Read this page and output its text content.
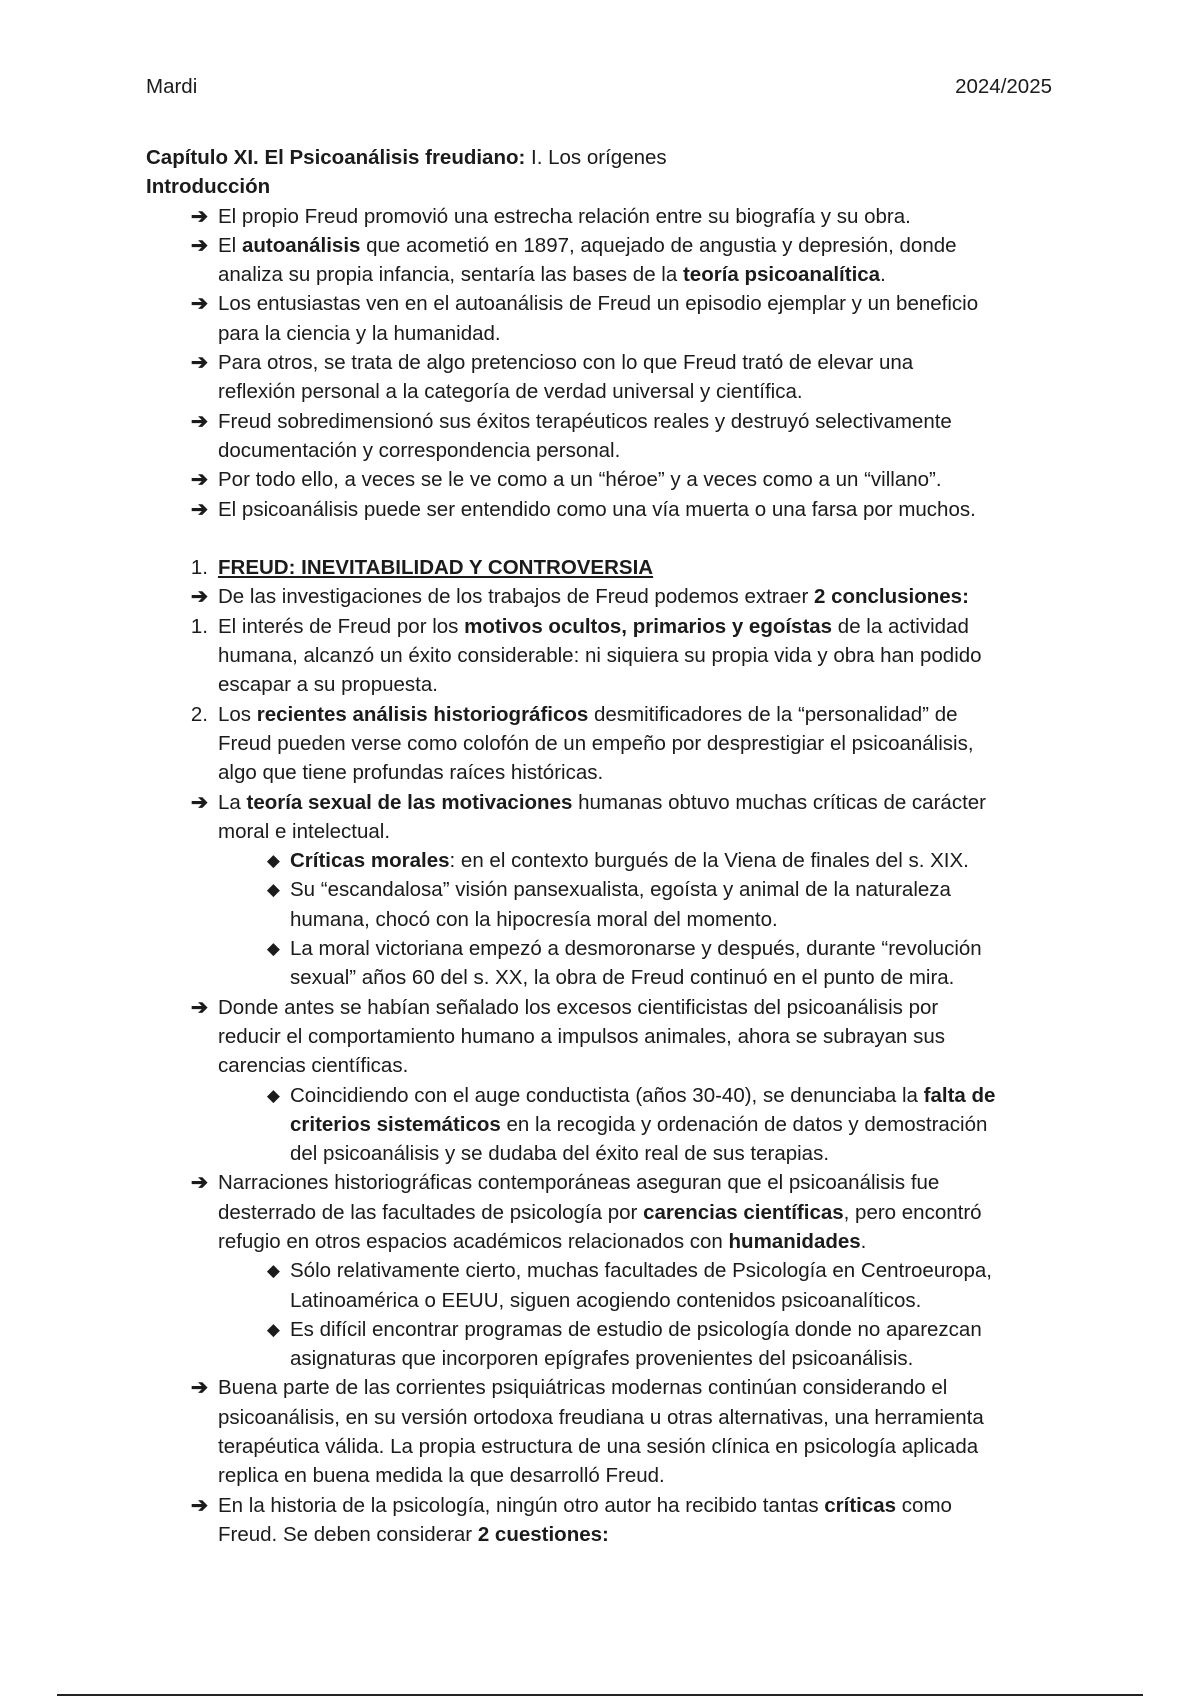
Mardi	2024/2025
Capítulo XI. El Psicoanálisis freudiano: I. Los orígenes
Introducción
➔ El propio Freud promovió una estrecha relación entre su biografía y su obra.
➔ El autoanálisis que acometió en 1897, aquejado de angustia y depresión, donde
analiza su propia infancia, sentaría las bases de la teoría psicoanalítica.
➔ Los entusiastas ven en el autoanálisis de Freud un episodio ejemplar y un beneficio
para la ciencia y la humanidad.
➔ Para otros, se trata de algo pretencioso con lo que Freud trató de elevar una
reflexión personal a la categoría de verdad universal y científica.
➔ Freud sobredimensionó sus éxitos terapéuticos reales y destruyó selectivamente
documentación y correspondencia personal.
➔ Por todo ello, a veces se le ve como a un “héroe” y a veces como a un “villano”.
➔ El psicoanálisis puede ser entendido como una vía muerta o una farsa por muchos.
1. FREUD: INEVITABILIDAD Y CONTROVERSIA
➔ De las investigaciones de los trabajos de Freud podemos extraer 2 conclusiones:
1. El interés de Freud por los motivos ocultos, primarios y egoístas de la actividad
humana, alcanzó un éxito considerable: ni siquiera su propia vida y obra han podido
escapar a su propuesta.
2. Los recientes análisis historiográficos desmitificadores de la “personalidad” de
Freud pueden verse como colofón de un empeño por desprestigiar el psicoanálisis,
algo que tiene profundas raíces históricas.
➔ La teoría sexual de las motivaciones humanas obtuvo muchas críticas de carácter
moral e intelectual.
◆ Críticas morales: en el contexto burgués de la Viena de finales del s. XIX.
◆ Su “escandalosa” visión pansexualista, egoísta y animal de la naturaleza
humana, chocó con la hipocresía moral del momento.
◆ La moral victoriana empezó a desmoronarse y después, durante “revolución
sexual” años 60 del s. XX, la obra de Freud continuó en el punto de mira.
➔ Donde antes se habían señalado los excesos cientificistas del psicoanálisis por
reducir el comportamiento humano a impulsos animales, ahora se subrayan sus
carencias científicas.
◆ Coincidiendo con el auge conductista (años 30-40), se denunciaba la falta de
criterios sistemáticos en la recogida y ordenación de datos y demostración
del psicoanálisis y se dudaba del éxito real de sus terapias.
➔ Narraciones historiográficas contemporáneas aseguran que el psicoanálisis fue
desterrado de las facultades de psicología por carencias científicas, pero encontró
refugio en otros espacios académicos relacionados con humanidades.
◆ Sólo relativamente cierto, muchas facultades de Psicología en Centroeuropa,
Latinoamérica o EEUU, siguen acogiendo contenidos psicoanalíticos.
◆ Es difícil encontrar programas de estudio de psicología donde no aparezcan
asignaturas que incorporen epígrafes provenientes del psicoanálisis.
➔ Buena parte de las corrientes psiquiátricas modernas continúan considerando el
psicoanálisis, en su versión ortodoxa freudiana u otras alternativas, una herramienta
terapéutica válida. La propia estructura de una sesión clínica en psicología aplicada
replica en buena medida la que desarrolló Freud.
➔ En la historia de la psicología, ningún otro autor ha recibido tantas críticas como
Freud. Se deben considerar 2 cuestiones:
